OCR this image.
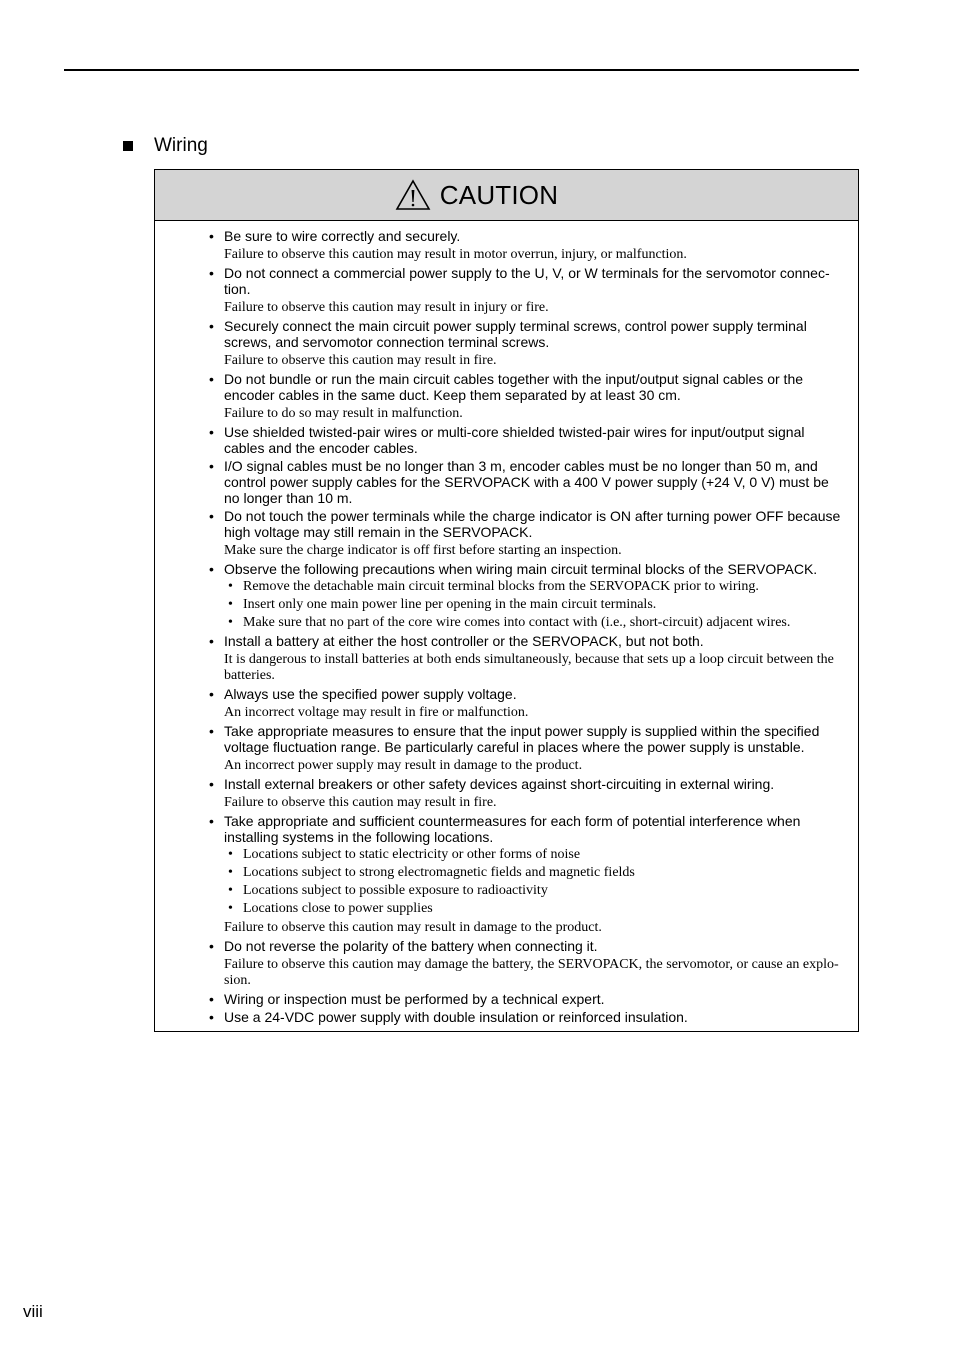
Wiring
CAUTION
• Be sure to wire correctly and securely.
Failure to observe this caution may result in motor overrun, injury, or malfunction.
• Do not connect a commercial power supply to the U, V, or W terminals for the servomotor connec-
tion.
Failure to observe this caution may result in injury or fire.
• Securely connect the main circuit power supply terminal screws, control power supply terminal
screws, and servomotor connection terminal screws.
Failure to observe this caution may result in fire.
• Do not bundle or run the main circuit cables together with the input/output signal cables or the
encoder cables in the same duct. Keep them separated by at least 30 cm.
Failure to do so may result in malfunction.
• Use shielded twisted-pair wires or multi-core shielded twisted-pair wires for input/output signal
cables and the encoder cables.
• I/O signal cables must be no longer than 3 m, encoder cables must be no longer than 50 m, and
control power supply cables for the SERVOPACK with a 400 V power supply (+24 V, 0 V) must be
no longer than 10 m.
• Do not touch the power terminals while the charge indicator is ON after turning power OFF because
high voltage may still remain in the SERVOPACK.
Make sure the charge indicator is off first before starting an inspection.
• Observe the following precautions when wiring main circuit terminal blocks of the SERVOPACK.
• Remove the detachable main circuit terminal blocks from the SERVOPACK prior to wiring.
• Insert only one main power line per opening in the main circuit terminals.
• Make sure that no part of the core wire comes into contact with (i.e., short-circuit) adjacent wires.
• Install a battery at either the host controller or the SERVOPACK, but not both.
It is dangerous to install batteries at both ends simultaneously, because that sets up a loop circuit between the
batteries.
• Always use the specified power supply voltage.
An incorrect voltage may result in fire or malfunction.
• Take appropriate measures to ensure that the input power supply is supplied within the specified
voltage fluctuation range. Be particularly careful in places where the power supply is unstable.
An incorrect power supply may result in damage to the product.
• Install external breakers or other safety devices against short-circuiting in external wiring.
Failure to observe this caution may result in fire.
• Take appropriate and sufficient countermeasures for each form of potential interference when
installing systems in the following locations.
• Locations subject to static electricity or other forms of noise
• Locations subject to strong electromagnetic fields and magnetic fields
• Locations subject to possible exposure to radioactivity
• Locations close to power supplies
Failure to observe this caution may result in damage to the product.
• Do not reverse the polarity of the battery when connecting it.
Failure to observe this caution may damage the battery, the SERVOPACK, the servomotor, or cause an explo-
sion.
• Wiring or inspection must be performed by a technical expert.
• Use a 24-VDC power supply with double insulation or reinforced insulation.
viii
